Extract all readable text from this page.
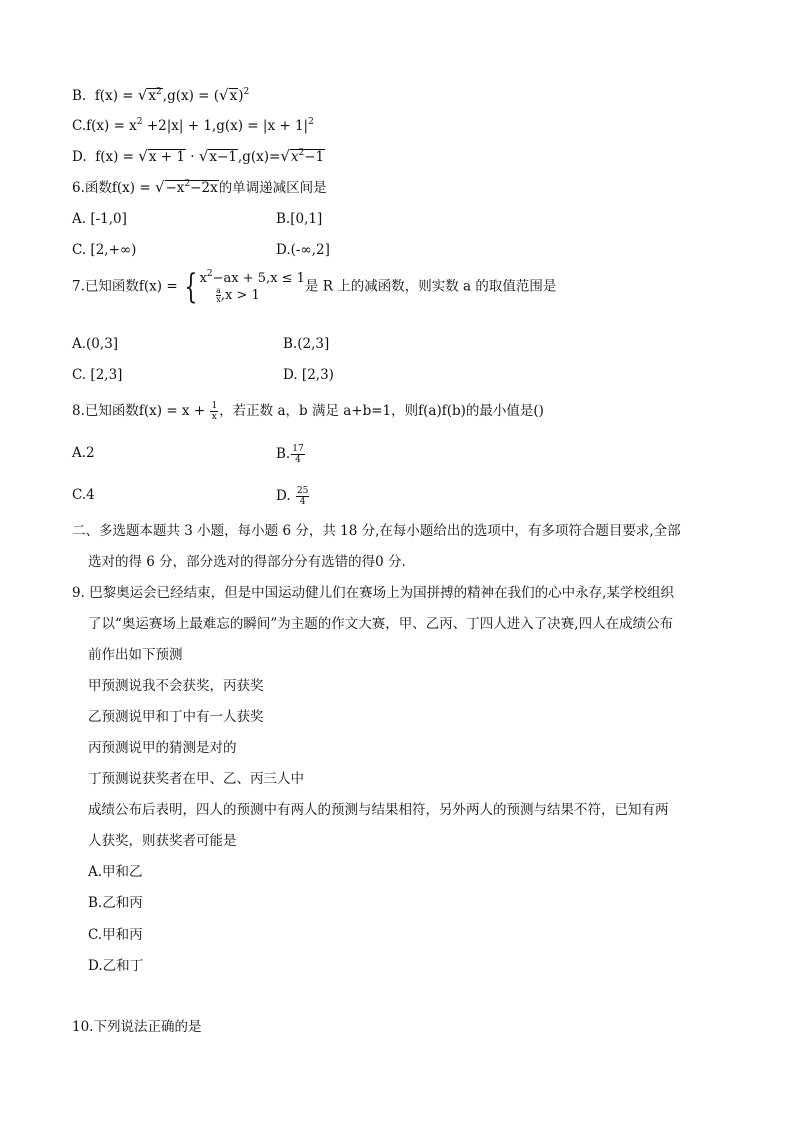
B. $f(x) = √x^2,g(x) = (√x)^2$
$C.f(x) = x^2 +2|x| + 1,g(x) = |x + 1|^2$
D. $f(x) = √x + 1 \cdot √x-1,g(x)=√x^2-1$
6.函数$f(x) = √-x^2-2x$的单调递减区间是
A. [-1,0]	B.[0,1]
C. [2,+∞)	D.(-∞,2]
7.已知函数f(x) = { $x^2-ax + 5,x \le 1$

$\frac{a}{x} ,x > 1$
是 R 上的减函数，则实数 a 的取值范围是
A.(0,3]	B.(2,3]
C. [2,3]	D. [2,3)
8.已知函数$f(x) = x + \frac{1}{x}$ ，若正数 a，b 满足 a+b=1，则f(a)f(b)的最小值是()
A.2	B. $\frac{17}{4}$
C.4	D. $\frac{25}{4}$
二、多选题本题共 3 小题，每小题 6 分，共 18 分,在每小题给出的选项中，有多项符合题目要求,全部
选对的得 6 分，部分选对的得部分分有选错的得0 分.
9. 巴黎奥运会已经结束，但是中国运动健儿们在赛场上为国拼搏的精神在我们的心中永存,某学校组织
了以“奥运赛场上最难忘的瞬间”为主题的作文大赛，甲、乙丙、丁四人进入了决赛,四人在成绩公布
前作出如下预测
甲预测说我不会获奖，丙获奖
乙预测说甲和丁中有一人获奖
丙预测说甲的猜测是对的
丁预测说获奖者在甲、乙、丙三人中
成绩公布后表明，四人的预测中有两人的预测与结果相符，另外两人的预测与结果不符，已知有两
人获奖，则获奖者可能是
A.甲和乙
B.乙和丙
C.甲和丙
D.乙和丁
10.下列说法正确的是
